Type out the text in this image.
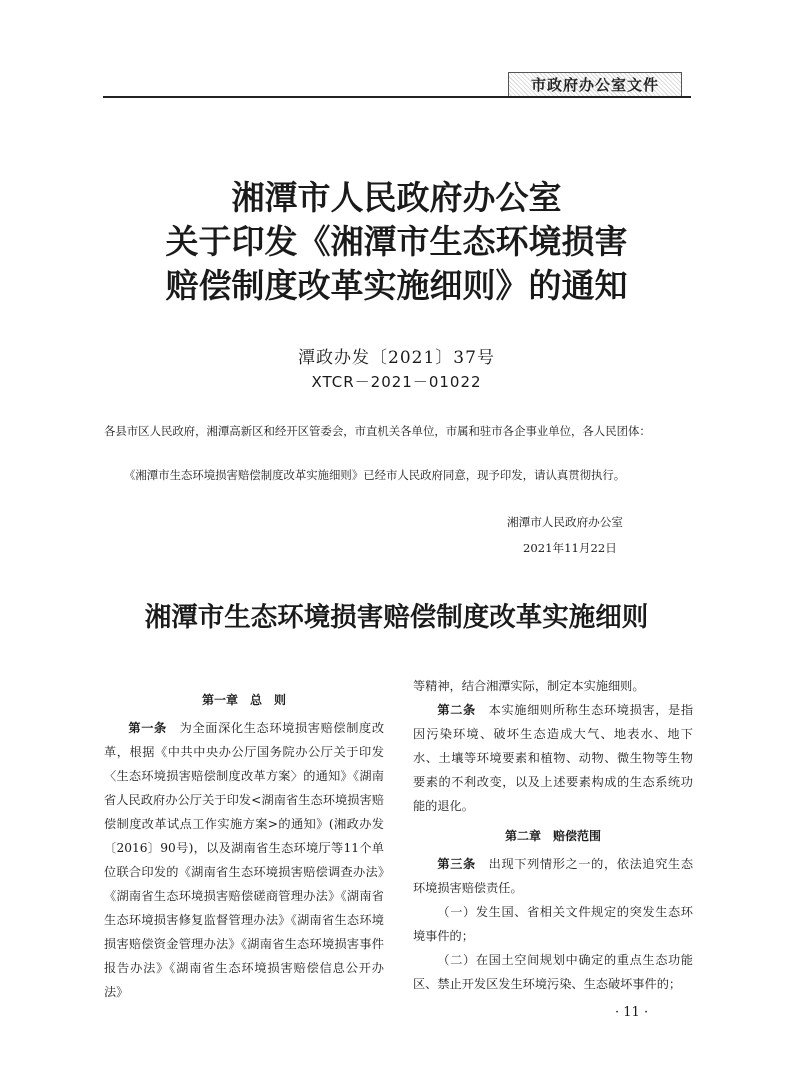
市政府办公室文件
湘潭市人民政府办公室
关于印发《湘潭市生态环境损害
赔偿制度改革实施细则》的通知
潭政办发〔2021〕37号
XTCR－2021－01022
各县市区人民政府，湘潭高新区和经开区管委会，市直机关各单位，市属和驻市各企事业单位，各人民团体：
《湘潭市生态环境损害赔偿制度改革实施细则》已经市人民政府同意，现予印发，请认真贯彻执行。
湘潭市人民政府办公室
2021年11月22日
湘潭市生态环境损害赔偿制度改革实施细则
第一章　总　则
第一条　 为全面深化生态环境损害赔偿制度改革，根据《中共中央办公厅国务院办公厅关于印发〈生态环境损害赔偿制度改革方案〉的通知》《湖南省人民政府办公厅关于印发<湖南省生态环境损害赔偿制度改革试点工作实施方案>的通知》(湘政办发〔2016〕90号)，以及湖南省生态环境厅等11个单位联合印发的《湖南省生态环境损害赔偿调查办法》《湖南省生态环境损害赔偿磋商管理办法》《湖南省生态环境损害修复监督管理办法》《湖南省生态环境损害赔偿资金管理办法》《湖南省生态环境损害事件报告办法》《湖南省生态环境损害赔偿信息公开办法》
等精神，结合湘潭实际，制定本实施细则。
第二条　 本实施细则所称生态环境损害，是指因污染环境、破坏生态造成大气、地表水、地下水、土壤等环境要素和植物、动物、微生物等生物要素的不利改变，以及上述要素构成的生态系统功能的退化。
第二章　赔偿范围
第三条　 出现下列情形之一的，依法追究生态环境损害赔偿责任。
（一）发生国、省相关文件规定的突发生态环境事件的；
（二）在国土空间规划中确定的重点生态功能区、禁止开发区发生环境污染、生态破坏事件的；
· 11 ·
